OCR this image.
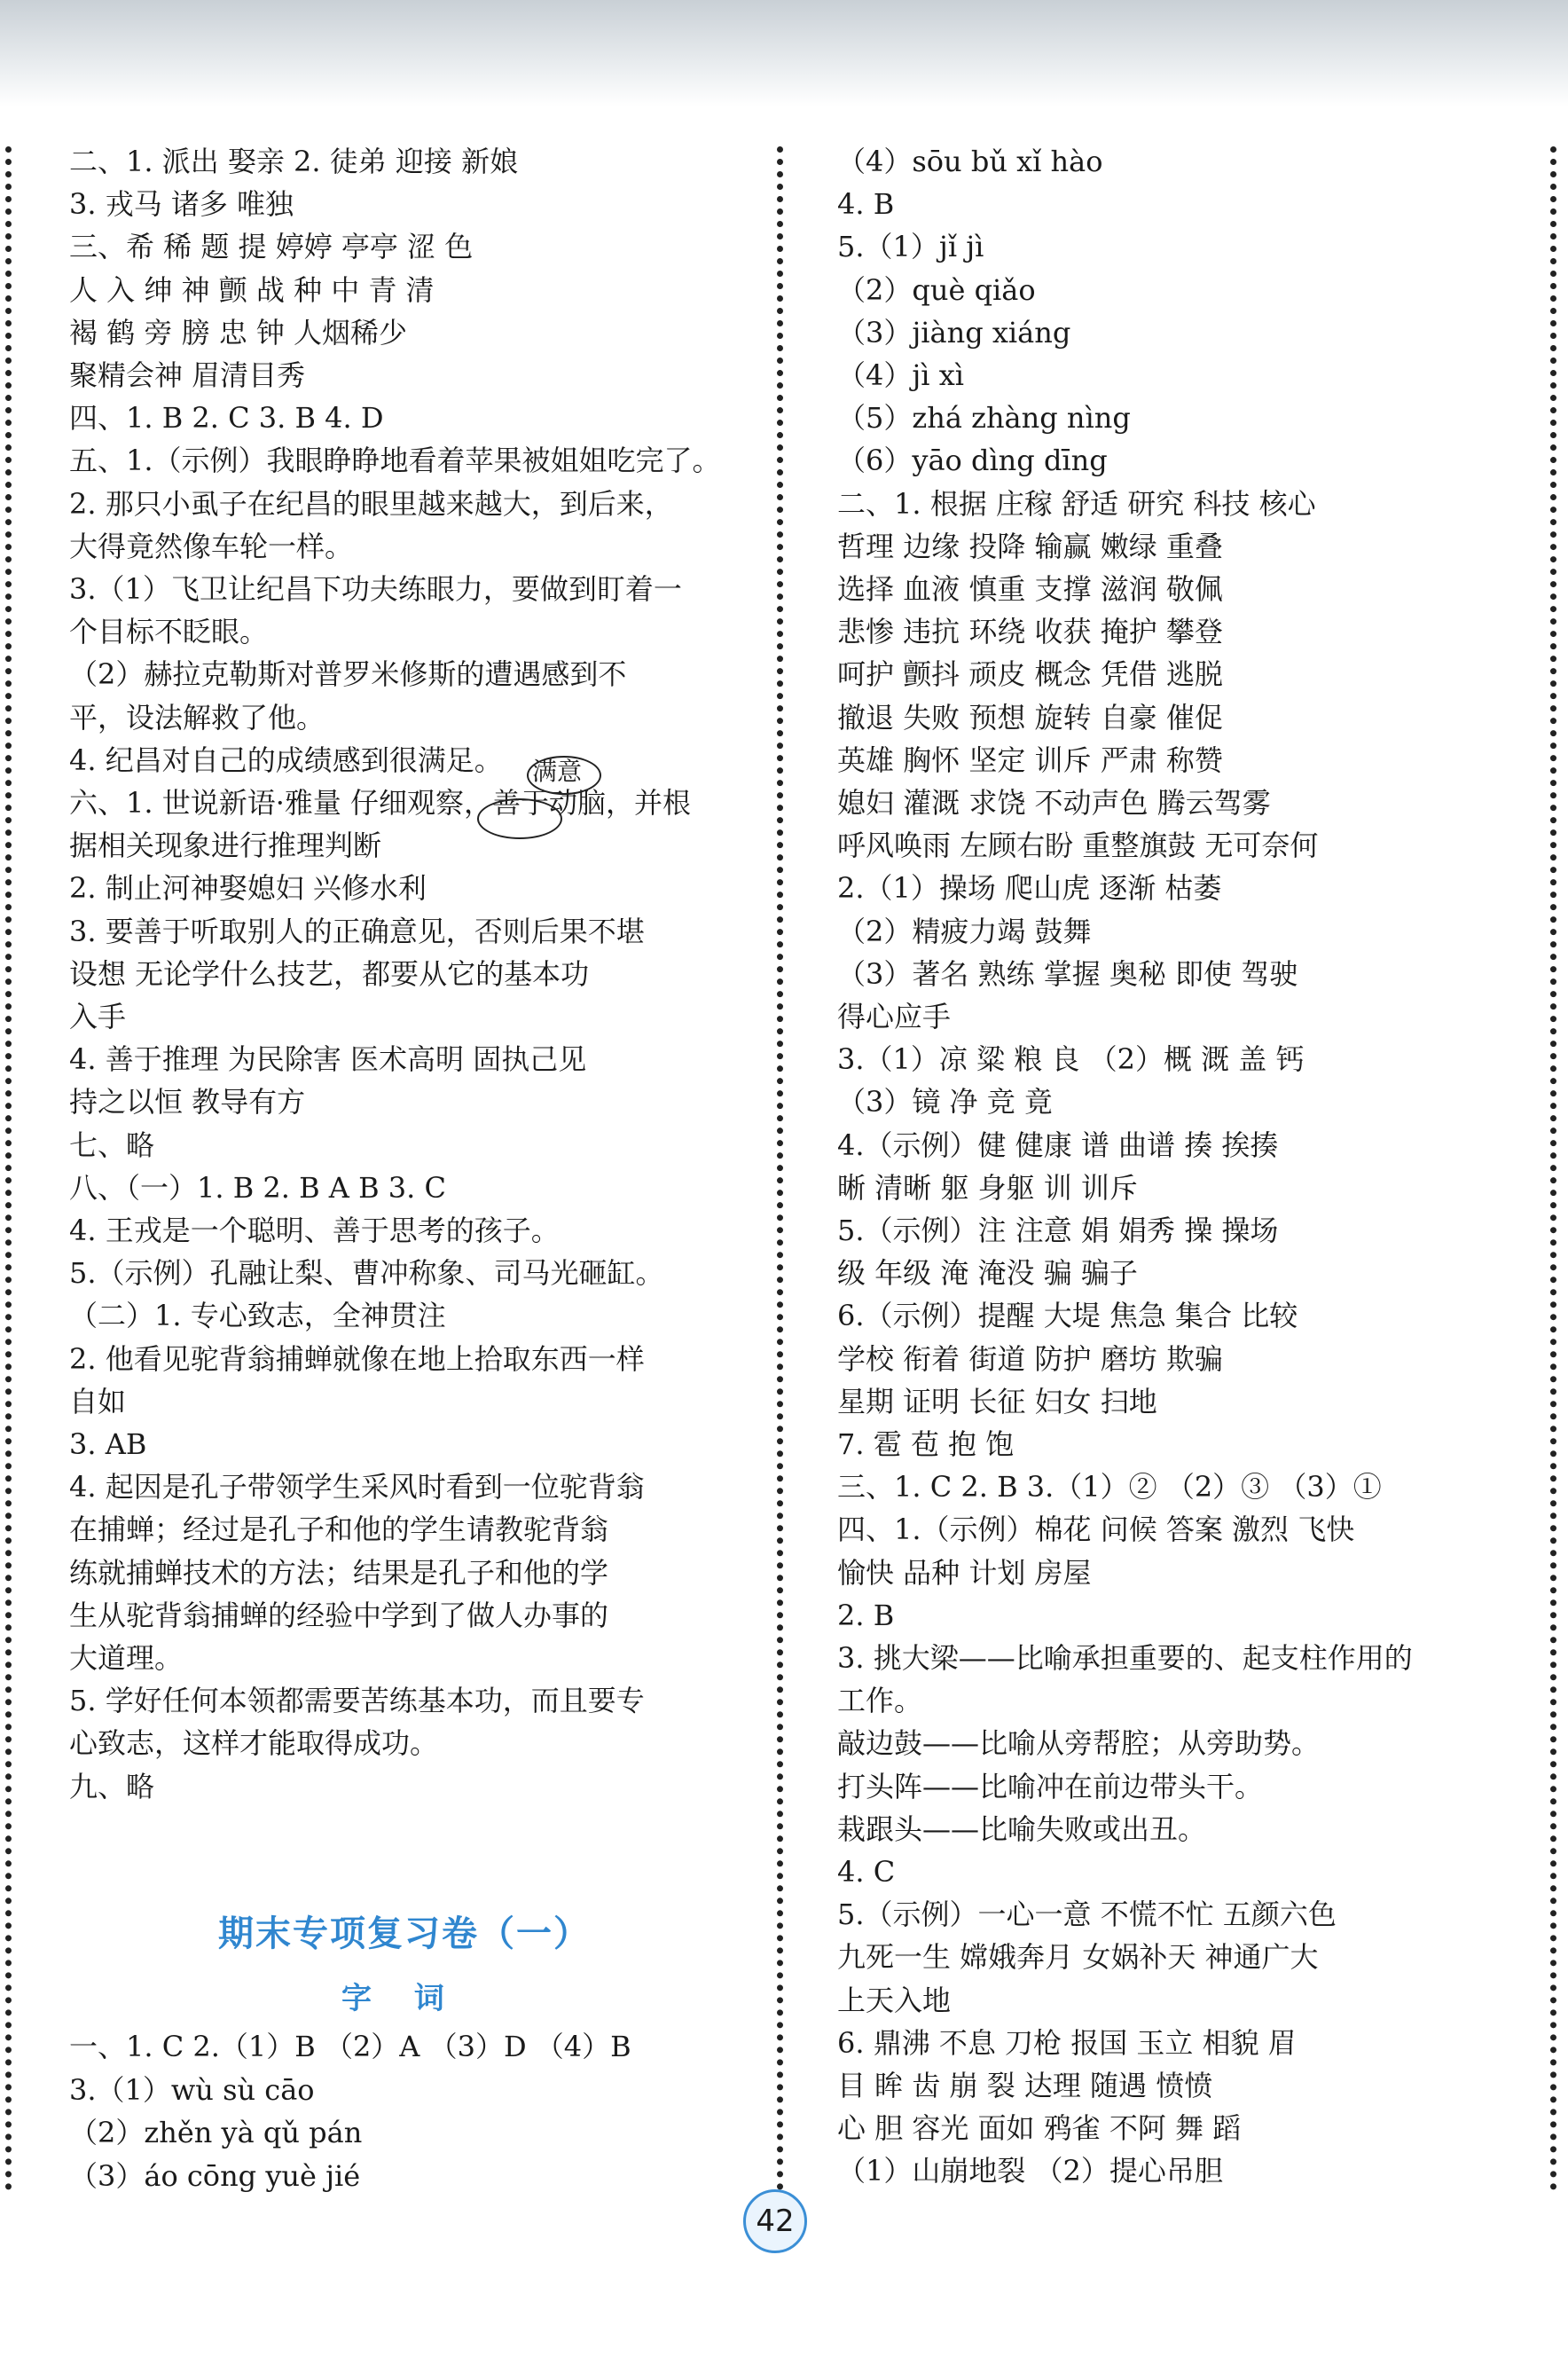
二、1. 派出 娶亲 2. 徒弟 迎接 新娘
3. 戎马 诸多 唯独
三、希 稀 题 提 婷婷 亭亭 涩 色
人 入 绅 神 颤 战 种 中 青 清
褐 鹤 旁 膀 忠 钟 人烟稀少
聚精会神 眉清目秀
四、1. B 2. C 3. B 4. D
五、1.（示例）我眼睁睁地看着苹果被姐姐吃完了。
2. 那只小虱子在纪昌的眼里越来越大，到后来，
大得竟然像车轮一样。
3.（1）飞卫让纪昌下功夫练眼力，要做到盯着一
个目标不眨眼。
（2）赫拉克勒斯对普罗米修斯的遭遇感到不
平，设法解救了他。
4. 纪昌对自己的成绩感到很满足。
六、1. 世说新语·雅量 仔细观察，善于动脑，并根
据相关现象进行推理判断
2. 制止河神娶媳妇 兴修水利
3. 要善于听取别人的正确意见，否则后果不堪
设想 无论学什么技艺，都要从它的基本功
入手
4. 善于推理 为民除害 医术高明 固执己见
持之以恒 教导有方
七、略
八、（一）1. B 2. B A B 3. C
4. 王戎是一个聪明、善于思考的孩子。
5.（示例）孔融让梨、曹冲称象、司马光砸缸。
（二）1. 专心致志，全神贯注
2. 他看见驼背翁捕蝉就像在地上拾取东西一样
自如
3. AB
4. 起因是孔子带领学生采风时看到一位驼背翁
在捕蝉；经过是孔子和他的学生请教驼背翁
练就捕蝉技术的方法；结果是孔子和他的学
生从驼背翁捕蝉的经验中学到了做人办事的
大道理。
5. 学好任何本领都需要苦练基本功，而且要专
心致志，这样才能取得成功。
九、略
满意
期末专项复习卷（一）
字 词
一、1. C 2.（1）B （2）A （3）D （4）B
3.（1）wù sù cāo
（2）zhěn yà qǔ pán
（3）áo cōng yuè jié
（4）sōu bǔ xǐ hào
4. B
5.（1）jǐ jì
（2）què qiǎo
（3）jiàng xiáng
（4）jì xì
（5）zhá zhàng nìng
（6）yāo dìng dīng
二、1. 根据 庄稼 舒适 研究 科技 核心
哲理 边缘 投降 输赢 嫩绿 重叠
选择 血液 慎重 支撑 滋润 敬佩
悲惨 违抗 环绕 收获 掩护 攀登
呵护 颤抖 顽皮 概念 凭借 逃脱
撤退 失败 预想 旋转 自豪 催促
英雄 胸怀 坚定 训斥 严肃 称赞
媳妇 灌溉 求饶 不动声色 腾云驾雾
呼风唤雨 左顾右盼 重整旗鼓 无可奈何
2.（1）操场 爬山虎 逐渐 枯萎
（2）精疲力竭 鼓舞
（3）著名 熟练 掌握 奥秘 即使 驾驶
得心应手
3.（1）凉 粱 粮 良 （2）概 溉 盖 钙
（3）镜 净 竞 竟
4.（示例）健 健康 谱 曲谱 揍 挨揍
晰 清晰 躯 身躯 训 训斥
5.（示例）注 注意 娟 娟秀 操 操场
级 年级 淹 淹没 骗 骗子
6.（示例）提醒 大堤 焦急 集合 比较
学校 衔着 街道 防护 磨坊 欺骗
星期 证明 长征 妇女 扫地
7. 雹 苞 抱 饱
三、1. C 2. B 3.（1）② （2）③ （3）①
四、1.（示例）棉花 问候 答案 激烈 飞快
愉快 品种 计划 房屋
2. B
3. 挑大梁——比喻承担重要的、起支柱作用的
工作。
敲边鼓——比喻从旁帮腔；从旁助势。
打头阵——比喻冲在前边带头干。
栽跟头——比喻失败或出丑。
4. C
5.（示例）一心一意 不慌不忙 五颜六色
九死一生 嫦娥奔月 女娲补天 神通广大
上天入地
6. 鼎沸 不息 刀枪 报国 玉立 相貌 眉
目 眸 齿 崩 裂 达理 随遇 愤愤
心 胆 容光 面如 鸦雀 不阿 舞 蹈
（1）山崩地裂 （2）提心吊胆
42
